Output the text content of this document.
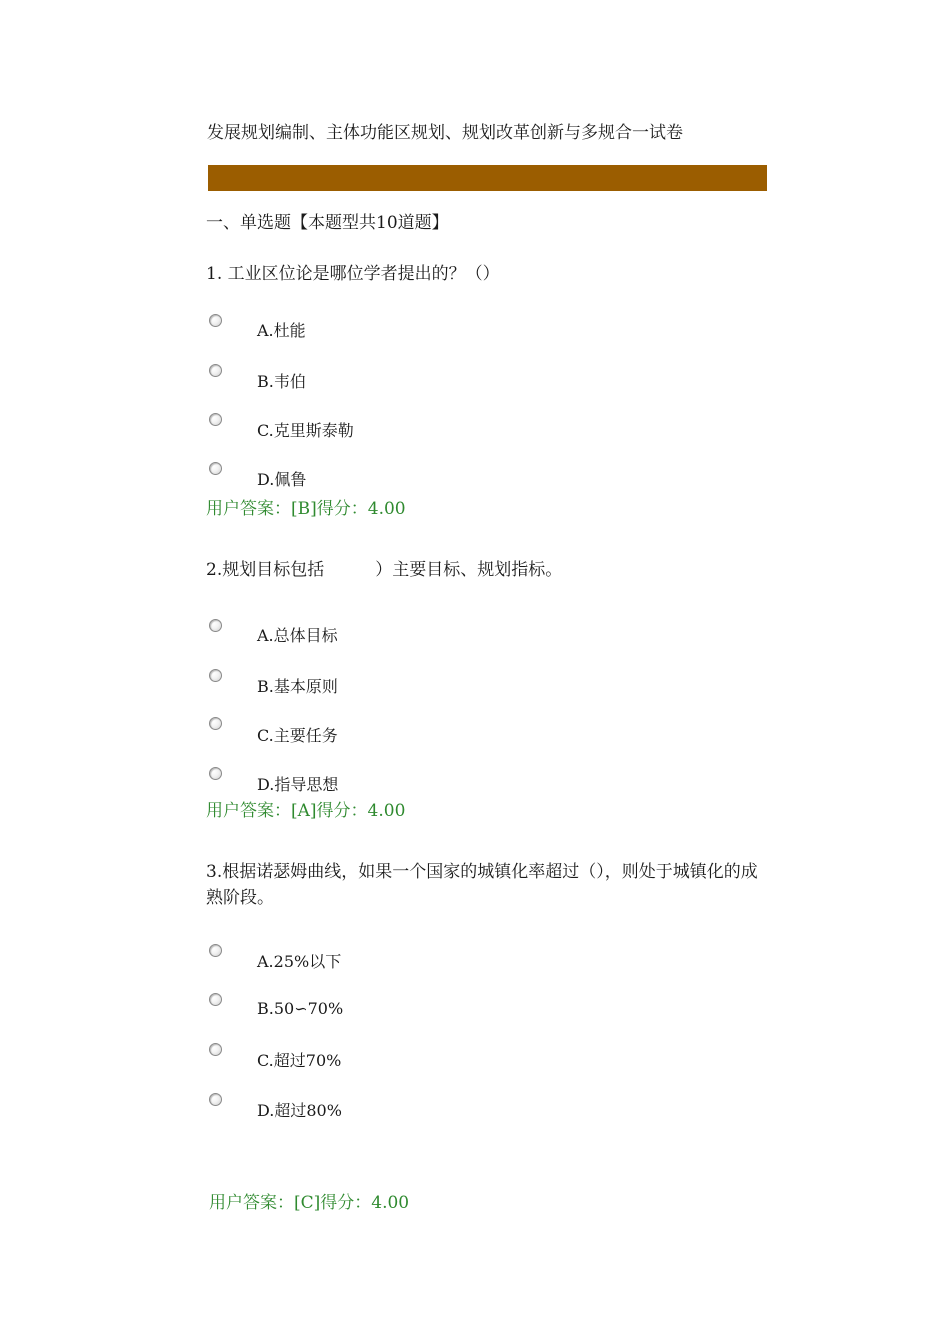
发展规划编制、主体功能区规划、规划改革创新与多规合一试卷
一、单选题【本题型共10道题】
1. 工业区位论是哪位学者提出的？（）
A.杜能
B.韦伯
C.克里斯泰勒
D.佩鲁
用户答案：[B]得分：4.00
2.规划目标包括　　　）主要目标、规划指标。
A.总体目标
B.基本原则
C.主要任务
D.指导思想
用户答案：[A]得分：4.00
3.根据诺瑟姆曲线，如果一个国家的城镇化率超过（），则处于城镇化的成熟阶段。
A.25%以下
B.50∽70%
C.超过70%
D.超过80%
用户答案：[C]得分：4.00
